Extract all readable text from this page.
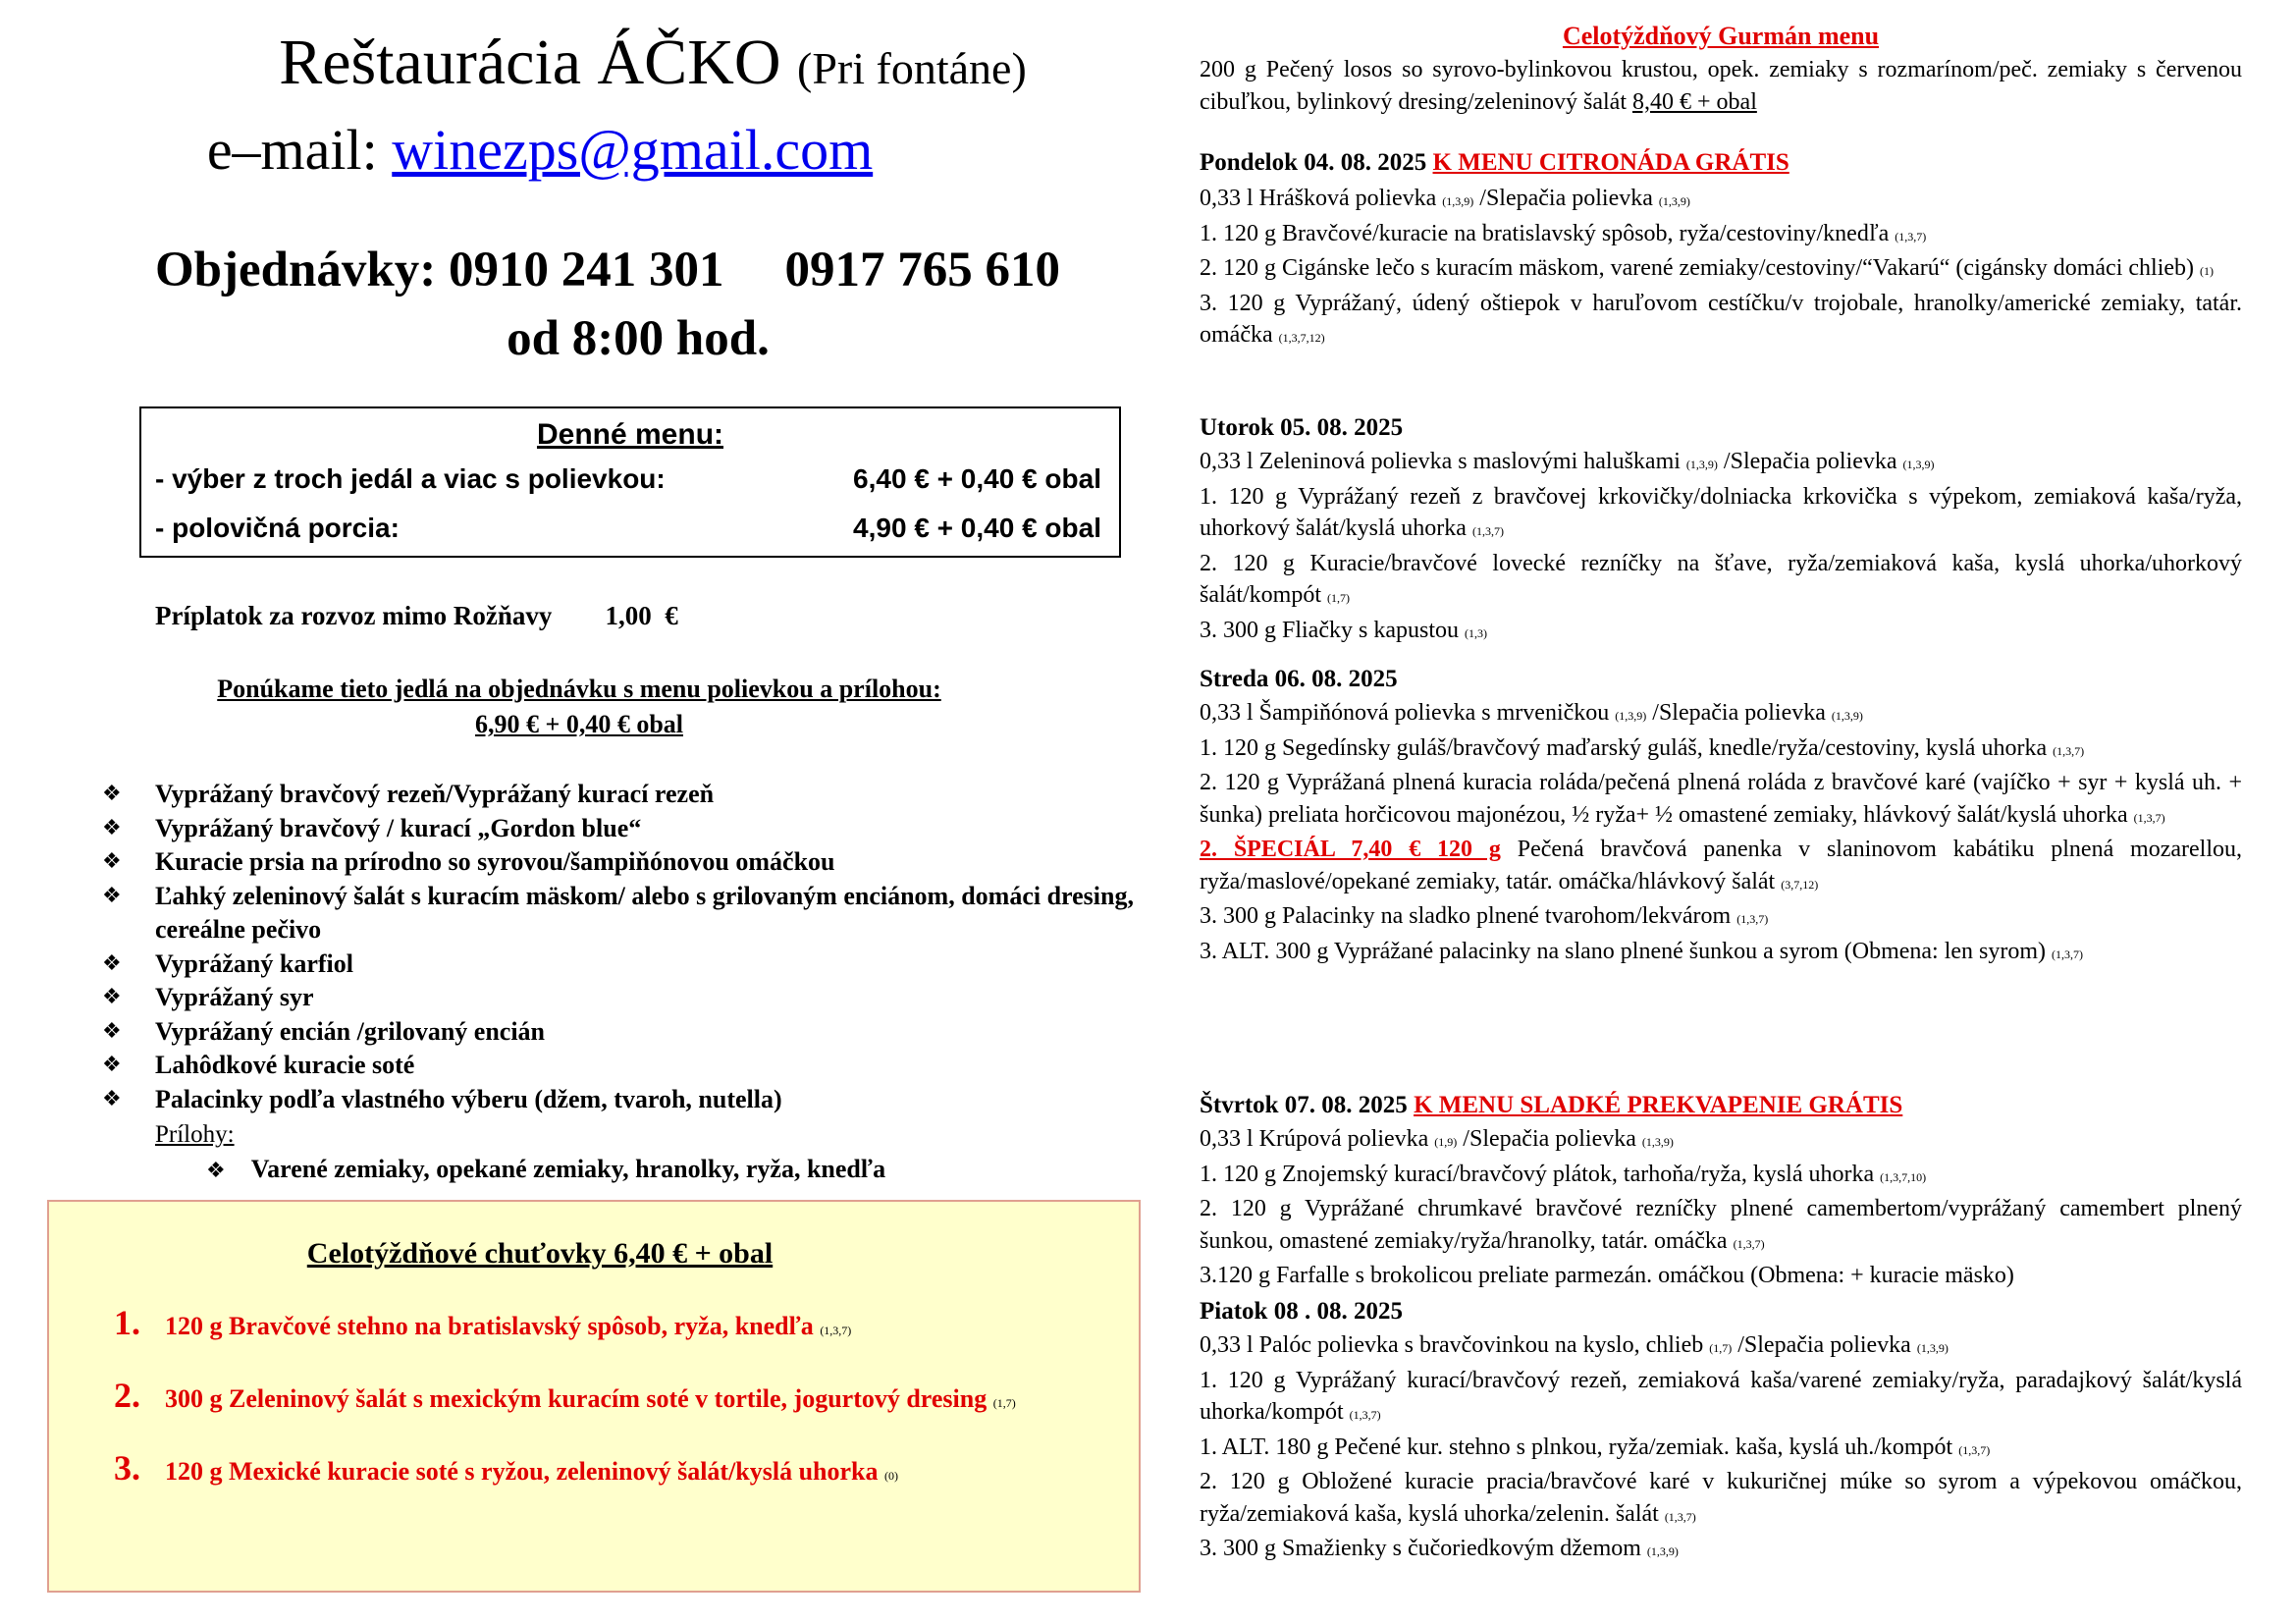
Reštaurácia ÁČKO (Pri fontáne)
e–mail: winezps@gmail.com
Objednávky: 0910 241 301 0917 765 610
od 8:00 hod.
Denné menu:
- výber z troch jedál a viac s polievkou:	6,40 € + 0,40 € obal
- polovičná porcia:	4,90 € + 0,40 € obal
Príplatok za rozvoz mimo Rožňavy 1,00  €
Ponúkame tieto jedlá na objednávku s menu polievkou a prílohou:
6,90 € + 0,40 € obal
❖ Vyprážaný bravčový rezeň/Vyprážaný kurací rezeň
❖ Vyprážaný bravčový / kurací „Gordon blue“
❖ Kuracie prsia na prírodno so syrovou/šampiňónovou omáčkou
❖ Ľahký zeleninový šalát s kuracím mäskom/ alebo s grilovaným enciánom, domáci dresing, cereálne pečivo
❖ Vyprážaný karfiol
❖ Vyprážaný syr
❖ Vyprážaný encián /grilovaný encián
❖ Lahôdkové kuracie soté
❖ Palacinky podľa vlastného výberu (džem, tvaroh, nutella)
Prílohy:
❖ Varené zemiaky, opekané zemiaky, hranolky, ryža, knedľa
Celotýždňové chuťovky 6,40 € + obal
1. 120 g Bravčové stehno na bratislavský spôsob, ryža, knedľa (1,3,7)
2. 300 g Zeleninový šalát s mexickým kuracím soté v tortile, jogurtový dresing (1,7)
3. 120 g Mexické kuracie soté s ryžou, zeleninový šalát/kyslá uhorka (0)
Celotýždňový Gurmán menu
200 g Pečený losos so syrovo-bylinkovou krustou, opek. zemiaky s rozmarínom/peč. zemiaky s červenou cibuľkou, bylinkový dresing/zeleninový šalát 8,40 € + obal
Pondelok 04. 08. 2025 K MENU CITRONÁDA GRÁTIS
0,33 l Hrášková polievka (1,3,9) /Slepačia polievka (1,3,9)
1. 120 g Bravčové/kuracie na bratislavský spôsob, ryža/cestoviny/knedľa (1,3,7)
2. 120 g Cigánske lečo s kuracím mäskom, varené zemiaky/cestoviny/“Vakarú“ (cigánsky domáci chlieb) (1)
3. 120 g Vyprážaný, údený oštiepok v haruľovom cestíčku/v trojobale, hranolky/americké zemiaky, tatár. omáčka (1,3,7,12)
Utorok 05. 08. 2025
0,33 l Zeleninová polievka s maslovými haluškami (1,3,9) /Slepačia polievka (1,3,9)
1. 120 g Vyprážaný rezeň z bravčovej krkovičky/dolniacka krkovička s výpekom, zemiaková kaša/ryža, uhorkový šalát/kyslá uhorka (1,3,7)
2. 120 g Kuracie/bravčové lovecké rezníčky na šťave, ryža/zemiaková kaša, kyslá uhorka/uhorkový šalát/kompót (1,7)
3. 300 g Fliačky s kapustou (1,3)
Streda 06. 08. 2025
0,33 l Šampiňónová polievka s mrveničkou (1,3,9) /Slepačia polievka (1,3,9)
1. 120 g Segedínsky guláš/bravčový maďarský guláš, knedle/ryža/cestoviny, kyslá uhorka (1,3,7)
2. 120 g Vyprážaná plnená kuracia roláda/pečená plnená roláda z bravčové karé (vajíčko + syr + kyslá uh. + šunka) preliata horčicovou majonézou, ½ ryža+ ½ omastené zemiaky, hlávkový šalát/kyslá uhorka (1,3,7)
2. ŠPECIÁL 7,40 € 120 g Pečená bravčová panenka v slaninovom kabátiku plnená mozarellou, ryža/maslové/opekané zemiaky, tatár. omáčka/hlávkový šalát (3,7,12)
3. 300 g Palacinky na sladko plnené tvarohom/lekvárom (1,3,7)
3. ALT. 300 g Vyprážané palacinky na slano plnené šunkou a syrom (Obmena: len syrom) (1,3,7)
Štvrtok 07. 08. 2025 K MENU SLADKÉ PREKVAPENIE GRÁTIS
0,33 l Krúpová polievka (1,9) /Slepačia polievka (1,3,9)
1. 120 g Znojemský kurací/bravčový plátok, tarhoňa/ryža, kyslá uhorka (1,3,7,10)
2. 120 g Vyprážané chrumkavé bravčové rezníčky plnené camembertom/vyprážaný camembert plnený šunkou, omastené zemiaky/ryža/hranolky, tatár. omáčka (1,3,7)
3.120 g Farfalle s brokolicou preliate parmezán. omáčkou (Obmena: + kuracie mäsko)
Piatok 08 . 08. 2025
0,33 l Palóc polievka s bravčovinkou na kyslo, chlieb (1,7) /Slepačia polievka (1,3,9)
1. 120 g Vyprážaný kurací/bravčový rezeň, zemiaková kaša/varené zemiaky/ryža, paradajkový šalát/kyslá uhorka/kompót (1,3,7)
1. ALT. 180 g Pečené kur. stehno s plnkou, ryža/zemiak. kaša, kyslá uh./kompót (1,3,7)
2. 120 g Obložené kuracie pracia/bravčové karé v kukuričnej múke so syrom a výpekovou omáčkou, ryža/zemiaková kaša, kyslá uhorka/zelenin. šalát (1,3,7)
3. 300 g Smažienky s čučoriedkovým džemom (1,3,9)
